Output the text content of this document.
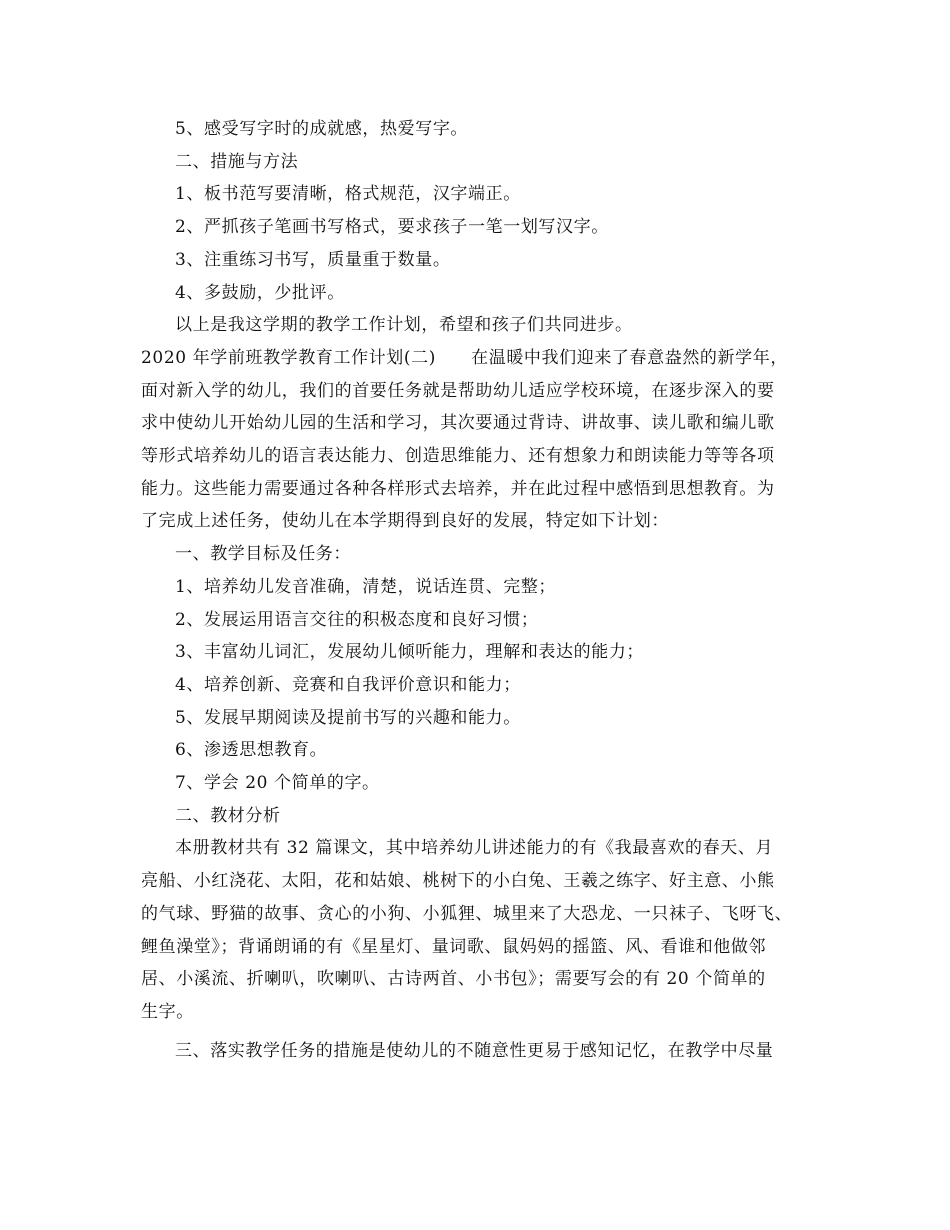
5、感受写字时的成就感，热爱写字。

二、措施与方法

1、板书范写要清晰，格式规范，汉字端正。

2、严抓孩子笔画书写格式，要求孩子一笔一划写汉字。

3、注重练习书写，质量重于数量。

4、多鼓励，少批评。

以上是我这学期的教学工作计划，希望和孩子们共同进步。

2020 年学前班教学教育工作计划(二)　　在温暖中我们迎来了春意盎然的新学年，

面对新入学的幼儿，我们的首要任务就是帮助幼儿适应学校环境，在逐步深入的要

求中使幼儿开始幼儿园的生活和学习，其次要通过背诗、讲故事、读儿歌和编儿歌

等形式培养幼儿的语言表达能力、创造思维能力、还有想象力和朗读能力等等各项

能力。这些能力需要通过各种各样形式去培养，并在此过程中感悟到思想教育。为

了完成上述任务，使幼儿在本学期得到良好的发展，特定如下计划：

一、教学目标及任务：

1、培养幼儿发音准确，清楚，说话连贯、完整；

2、发展运用语言交往的积极态度和良好习惯；

3、丰富幼儿词汇，发展幼儿倾听能力，理解和表达的能力；

4、培养创新、竞赛和自我评价意识和能力；

5、发展早期阅读及提前书写的兴趣和能力。

6、渗透思想教育。

7、学会 20 个简单的字。

二、教材分析

本册教材共有 32 篇课文，其中培养幼儿讲述能力的有《我最喜欢的春天、月

亮船、小红浇花、太阳，花和姑娘、桃树下的小白兔、王羲之练字、好主意、小熊

的气球、野猫的故事、贪心的小狗、小狐狸、城里来了大恐龙、一只袜子、飞呀飞、

鲤鱼澡堂》；背诵朗诵的有《星星灯、量词歌、鼠妈妈的摇篮、风、看谁和他做邻

居、小溪流、折喇叭，吹喇叭、古诗两首、小书包》；需要写会的有 20 个简单的

生字。

三、落实教学任务的措施是使幼儿的不随意性更易于感知记忆，在教学中尽量
